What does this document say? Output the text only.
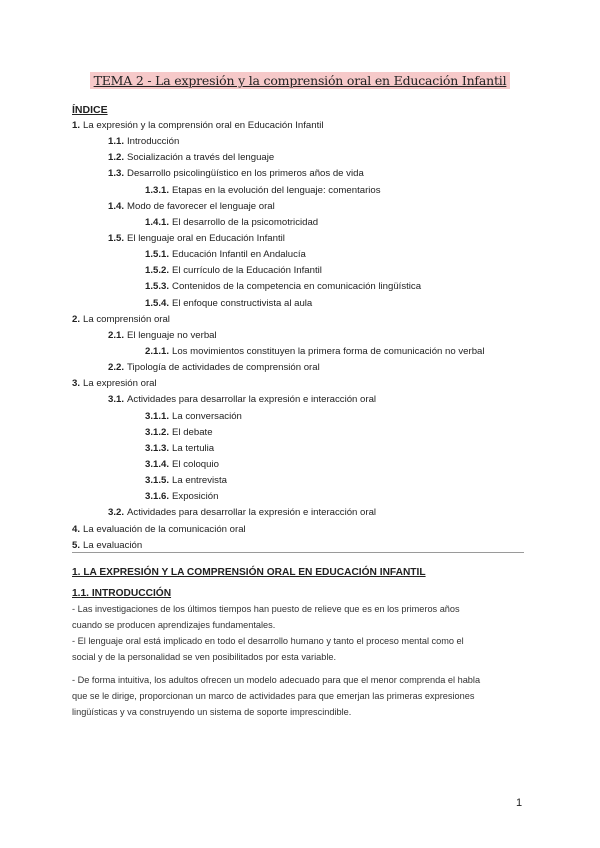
TEMA 2 - La expresión y la comprensión oral en Educación Infantil
ÍNDICE
1. La expresión y la comprensión oral en Educación Infantil
1.1. Introducción
1.2. Socialización a través del lenguaje
1.3. Desarrollo psicolingüístico en los primeros años de vida
1.3.1. Etapas en la evolución del lenguaje: comentarios
1.4. Modo de favorecer el lenguaje oral
1.4.1. El desarrollo de la psicomotricidad
1.5. El lenguaje oral en Educación Infantil
1.5.1. Educación Infantil en Andalucía
1.5.2. El currículo de la Educación Infantil
1.5.3. Contenidos de la competencia en comunicación lingüística
1.5.4. El enfoque constructivista al aula
2. La comprensión oral
2.1. El lenguaje no verbal
2.1.1. Los movimientos constituyen la primera forma de comunicación no verbal
2.2. Tipología de actividades de comprensión oral
3. La expresión oral
3.1. Actividades para desarrollar la expresión e interacción oral
3.1.1. La conversación
3.1.2. El debate
3.1.3. La tertulia
3.1.4. El coloquio
3.1.5. La entrevista
3.1.6. Exposición
3.2. Actividades para desarrollar la expresión e interacción oral
4. La evaluación de la comunicación oral
5. La evaluación
1. LA EXPRESIÓN Y LA COMPRENSIÓN ORAL EN EDUCACIÓN INFANTIL
1.1. INTRODUCCIÓN
- Las investigaciones de los últimos tiempos han puesto de relieve que es en los primeros años
cuando se producen aprendizajes fundamentales.
- El lenguaje oral está implicado en todo el desarrollo humano y tanto el proceso mental como el
social y de la personalidad se ven posibilitados por esta variable.
- De forma intuitiva, los adultos ofrecen un modelo adecuado para que el menor comprenda el habla
que se le dirige, proporcionan un marco de actividades para que emerjan las primeras expresiones
lingüísticas y va construyendo un sistema de soporte imprescindible.
1
